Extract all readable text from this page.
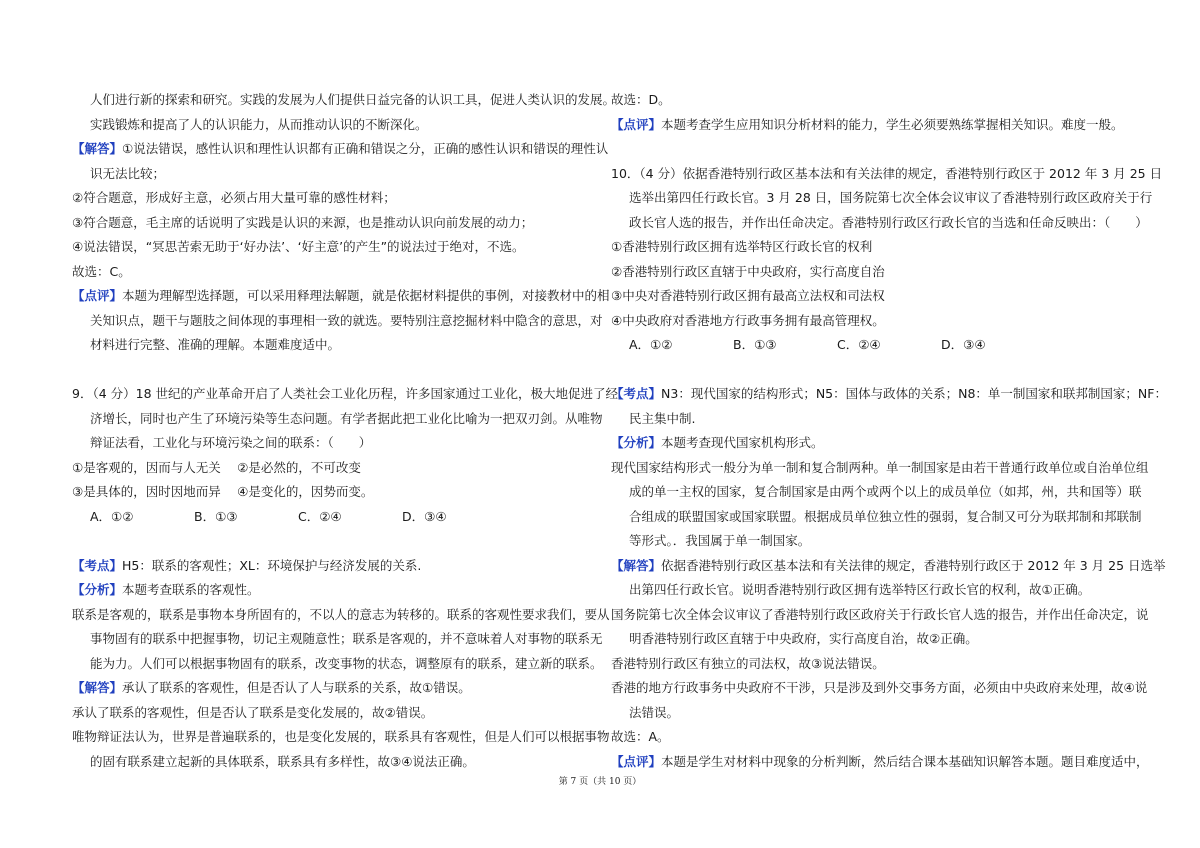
人们进行新的探索和研究。实践的发展为人们提供日益完备的认识工具，促进人类认识的发展。
实践锻炼和提高了人的认识能力，从而推动认识的不断深化。
【解答】①说法错误，感性认识和理性认识都有正确和错误之分，正确的感性认识和错误的理性认
识无法比较；
②符合题意，形成好主意，必须占用大量可靠的感性材料；
③符合题意，毛主席的话说明了实践是认识的来源，也是推动认识向前发展的动力；
④说法错误，“冥思苦索无助于‘好办法’、‘好主意’的产生”的说法过于绝对，不选。
故选：C。
【点评】本题为理解型选择题，可以采用释理法解题，就是依据材料提供的事例，对接教材中的相
关知识点，题干与题肢之间体现的事理相一致的就选。要特别注意挖掘材料中隐含的意思，对
材料进行完整、准确的理解。本题难度适中。
9．（4 分）18 世纪的产业革命开启了人类社会工业化历程，许多国家通过工业化，极大地促进了经
济增长，同时也产生了环境污染等生态问题。有学者据此把工业化比喻为一把双刃剑。从唯物
辩证法看，工业化与环境污染之间的联系：（　　）
①是客观的，因而与人无关　 ②是必然的，不可改变
③是具体的，因时因地而异　 ④是变化的，因势而变。
A．①②	B．①③	C．②④	D．③④
【考点】H5：联系的客观性；XL：环境保护与经济发展的关系.
【分析】本题考查联系的客观性。
联系是客观的，联系是事物本身所固有的，不以人的意志为转移的。联系的客观性要求我们，要从
事物固有的联系中把握事物，切记主观随意性；联系是客观的，并不意味着人对事物的联系无
能为力。人们可以根据事物固有的联系，改变事物的状态，调整原有的联系，建立新的联系。
【解答】承认了联系的客观性，但是否认了人与联系的关系，故①错误。
承认了联系的客观性，但是否认了联系是变化发展的，故②错误。
唯物辩证法认为，世界是普遍联系的，也是变化发展的，联系具有客观性，但是人们可以根据事物
的固有联系建立起新的具体联系，联系具有多样性，故③④说法正确。
故选：D。
【点评】本题考查学生应用知识分析材料的能力，学生必须要熟练掌握相关知识。难度一般。
10．（4 分）依据香港特别行政区基本法和有关法律的规定，香港特别行政区于 2012 年 3 月 25 日
选举出第四任行政长官。3 月 28 日，国务院第七次全体会议审议了香港特别行政区政府关于行
政长官人选的报告，并作出任命决定。香港特别行政区行政长官的当选和任命反映出：（　　）
①香港特别行政区拥有选举特区行政长官的权利
②香港特别行政区直辖于中央政府，实行高度自治
③中央对香港特别行政区拥有最高立法权和司法权
④中央政府对香港地方行政事务拥有最高管理权。
A．①②	B．①③	C．②④	D．③④
【考点】N3：现代国家的结构形式；N5：国体与政体的关系；N8：单一制国家和联邦制国家；NF：
民主集中制.
【分析】本题考查现代国家机构形式。
现代国家结构形式一般分为单一制和复合制两种。单一制国家是由若干普通行政单位或自治单位组
成的单一主权的国家，复合制国家是由两个或两个以上的成员单位（如邦，州，共和国等）联
合组成的联盟国家或国家联盟。根据成员单位独立性的强弱，复合制又可分为联邦制和邦联制
等形式。．我国属于单一制国家。
【解答】依据香港特别行政区基本法和有关法律的规定，香港特别行政区于 2012 年 3 月 25 日选举
出第四任行政长官。说明香港特别行政区拥有选举特区行政长官的权利，故①正确。
国务院第七次全体会议审议了香港特别行政区政府关于行政长官人选的报告，并作出任命决定，说
明香港特别行政区直辖于中央政府，实行高度自治，故②正确。
香港特别行政区有独立的司法权，故③说法错误。
香港的地方行政事务中央政府不干涉，只是涉及到外交事务方面，必须由中央政府来处理，故④说
法错误。
故选：A。
【点评】本题是学生对材料中现象的分析判断，然后结合课本基础知识解答本题。题目难度适中，
第 7 页（共 10 页）
